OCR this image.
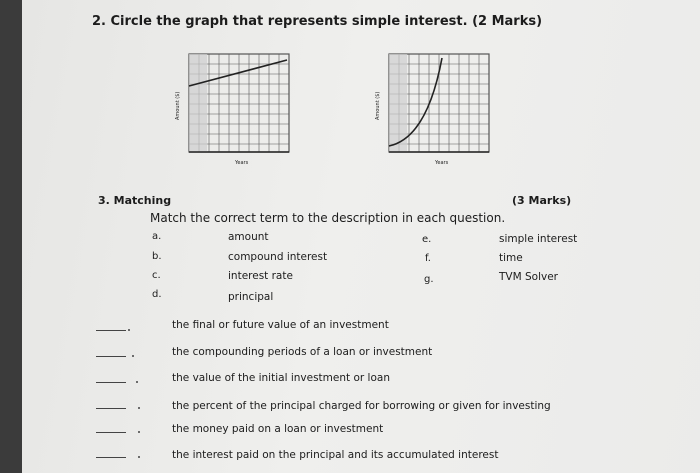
2. Circle the graph that represents simple interest. (2 Marks)
Amount ($)
Years
Amount ($)
Years
3. Matching	(3 Marks)
Match the correct term to the description in each question.
a.	amount
b.	compound interest
c.	interest rate
d.	principal
e.	simple interest
f.	time
g.	TVM Solver
the final or future value of an investment
the compounding periods of a loan or investment
the value of the initial investment or loan
the percent of the principal charged for borrowing or given for investing
the money paid on a loan or investment
the interest paid on the principal and its accumulated interest
